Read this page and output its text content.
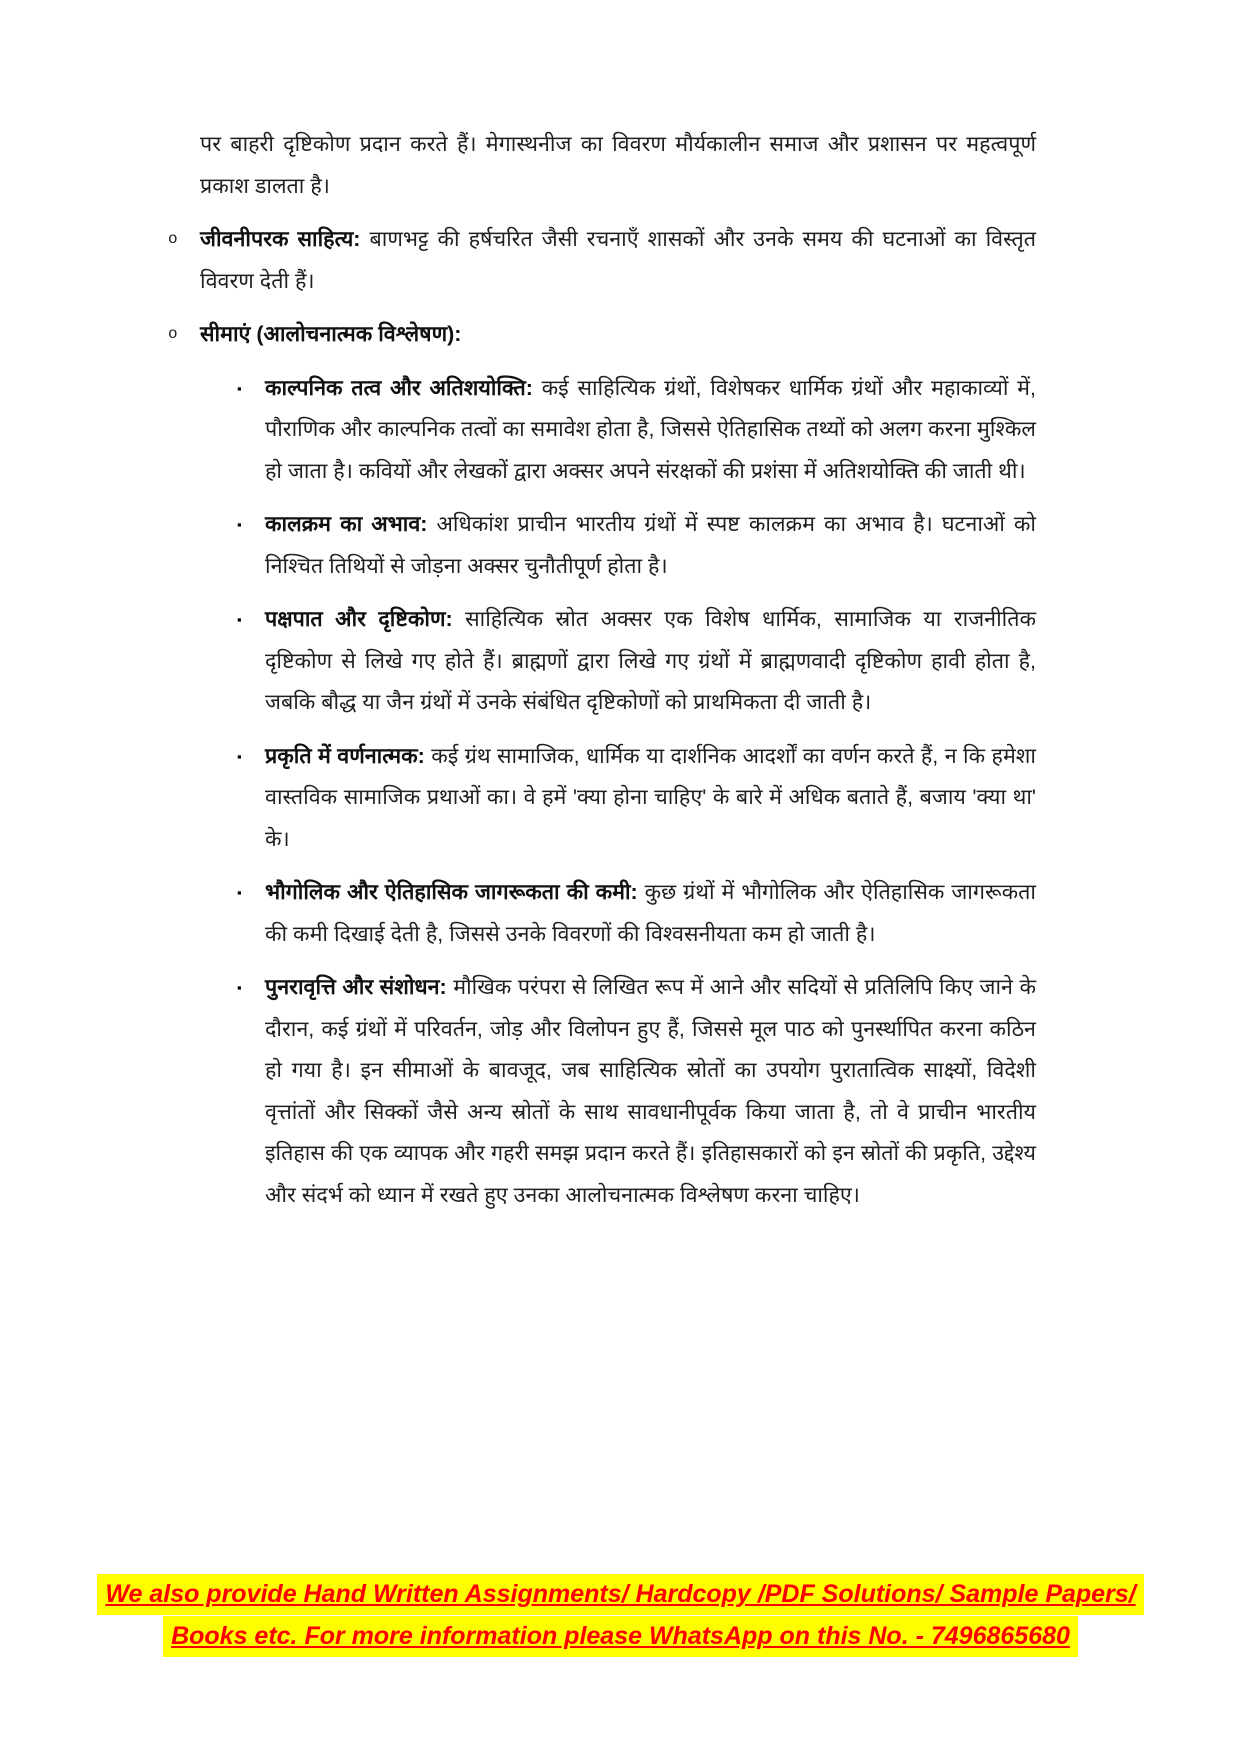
पर बाहरी दृष्टिकोण प्रदान करते हैं। मेगास्थनीज का विवरण मौर्यकालीन समाज और प्रशासन पर महत्वपूर्ण प्रकाश डालता है।

o	जीवनीपरक साहित्य: बाणभट्ट की हर्षचरित जैसी रचनाएँ शासकों और उनके समय की घटनाओं का विस्तृत विवरण देती हैं।
o	सीमाएं (आलोचनात्मक विश्लेषण):
▪	काल्पनिक तत्व और अतिशयोक्ति: कई साहित्यिक ग्रंथों, विशेषकर धार्मिक ग्रंथों और महाकाव्यों में, पौराणिक और काल्पनिक तत्वों का समावेश होता है, जिससे ऐतिहासिक तथ्यों को अलग करना मुश्किल हो जाता है। कवियों और लेखकों द्वारा अक्सर अपने संरक्षकों की प्रशंसा में अतिशयोक्ति की जाती थी।
▪	कालक्रम का अभाव: अधिकांश प्राचीन भारतीय ग्रंथों में स्पष्ट कालक्रम का अभाव है। घटनाओं को निश्चित तिथियों से जोड़ना अक्सर चुनौतीपूर्ण होता है।
▪	पक्षपात और दृष्टिकोण: साहित्यिक स्रोत अक्सर एक विशेष धार्मिक, सामाजिक या राजनीतिक दृष्टिकोण से लिखे गए होते हैं। ब्राह्मणों द्वारा लिखे गए ग्रंथों में ब्राह्मणवादी दृष्टिकोण हावी होता है, जबकि बौद्ध या जैन ग्रंथों में उनके संबंधित दृष्टिकोणों को प्राथमिकता दी जाती है।
▪	प्रकृति में वर्णनात्मक: कई ग्रंथ सामाजिक, धार्मिक या दार्शनिक आदर्शों का वर्णन करते हैं, न कि हमेशा वास्तविक सामाजिक प्रथाओं का। वे हमें 'क्या होना चाहिए' के बारे में अधिक बताते हैं, बजाय 'क्या था' के।
▪	भौगोलिक और ऐतिहासिक जागरूकता की कमी: कुछ ग्रंथों में भौगोलिक और ऐतिहासिक जागरूकता की कमी दिखाई देती है, जिससे उनके विवरणों की विश्वसनीयता कम हो जाती है।
▪	पुनरावृत्ति और संशोधन: मौखिक परंपरा से लिखित रूप में आने और सदियों से प्रतिलिपि किए जाने के दौरान, कई ग्रंथों में परिवर्तन, जोड़ और विलोपन हुए हैं, जिससे मूल पाठ को पुनर्स्थापित करना कठिन हो गया है। इन सीमाओं के बावजूद, जब साहित्यिक स्रोतों का उपयोग पुरातात्विक साक्ष्यों, विदेशी वृत्तांतों और सिक्कों जैसे अन्य स्रोतों के साथ सावधानीपूर्वक किया जाता है, तो वे प्राचीन भारतीय इतिहास की एक व्यापक और गहरी समझ प्रदान करते हैं। इतिहासकारों को इन स्रोतों की प्रकृति, उद्देश्य और संदर्भ को ध्यान में रखते हुए उनका आलोचनात्मक विश्लेषण करना चाहिए।
We also provide Hand Written Assignments/ Hardcopy /PDF Solutions/ Sample Papers/
Books etc. For more information please WhatsApp on this No. - 7496865680
